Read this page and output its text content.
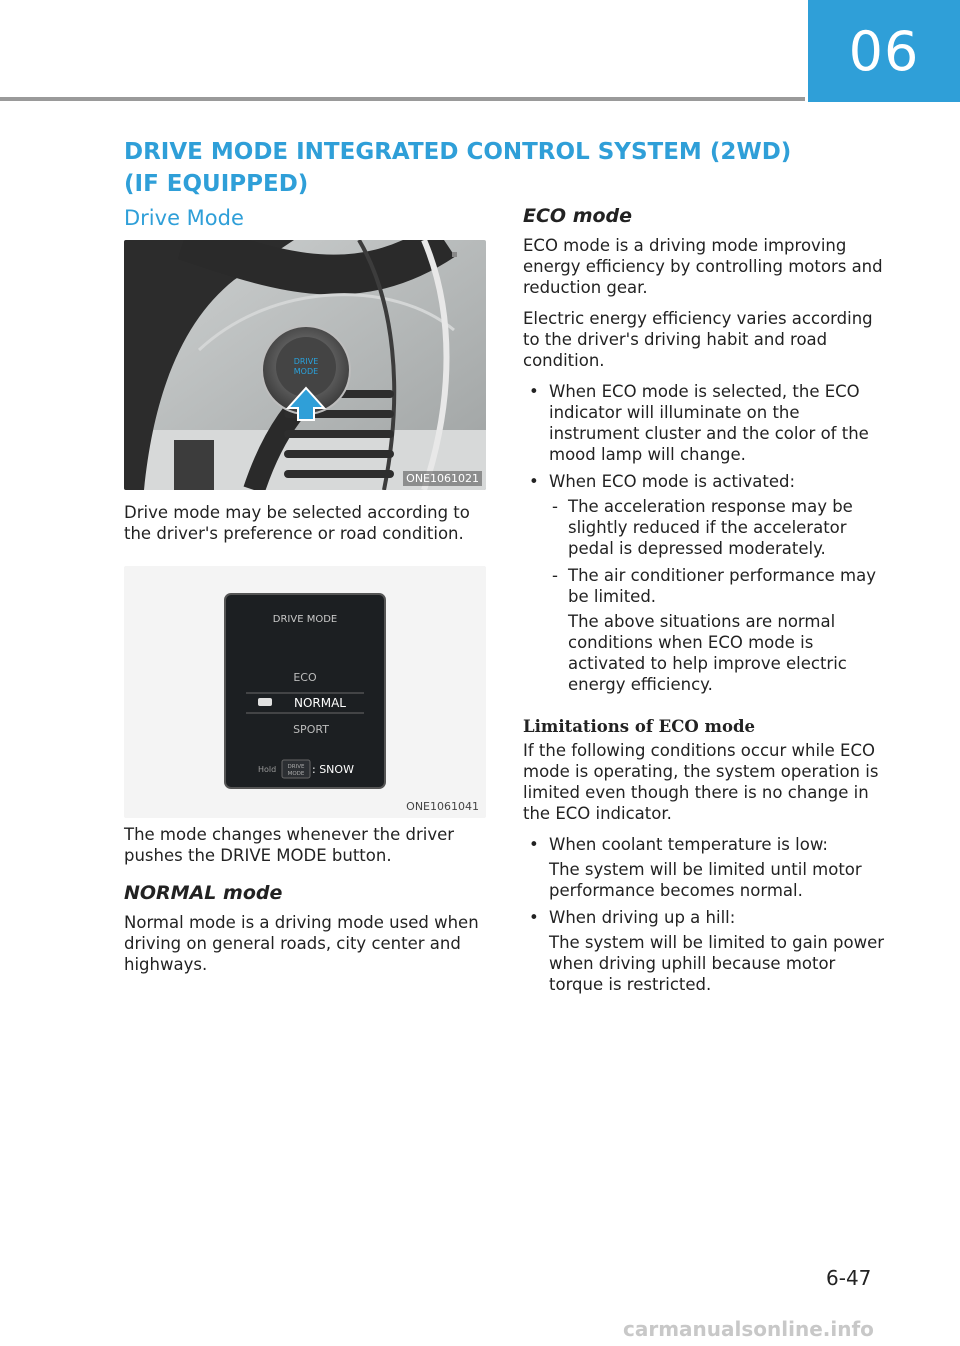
06
DRIVE MODE INTEGRATED CONTROL SYSTEM (2WD)
(IF EQUIPPED)
Drive Mode
DRIVE
MODE
ONE1061021

Drive mode may be selected according to the driver's preference or road condition.

DRIVE MODE
ECO
NORMAL
SPORT
Hold DRIVE
MODE : SNOW
ONE1061041

The mode changes whenever the driver pushes the DRIVE MODE button.

NORMAL mode

Normal mode is a driving mode used when driving on general roads, city center and highways.

ECO mode

ECO mode is a driving mode improving energy efficiency by controlling motors and reduction gear.

Electric energy efficiency varies according to the driver's driving habit and road condition.

• When ECO mode is selected, the ECO indicator will illuminate on the instrument cluster and the color of the mood lamp will change.
• When ECO mode is activated:
- The acceleration response may be slightly reduced if the accelerator pedal is depressed moderately.
- The air conditioner performance may be limited.

The above situations are normal conditions when ECO mode is activated to help improve electric energy efficiency.

Limitations of ECO mode

If the following conditions occur while ECO mode is operating, the system operation is limited even though there is no change in the ECO indicator.

• When coolant temperature is low:

The system will be limited until motor performance becomes normal.

• When driving up a hill:

The system will be limited to gain power when driving uphill because motor torque is restricted.

6-47
carmanualsonline.info
